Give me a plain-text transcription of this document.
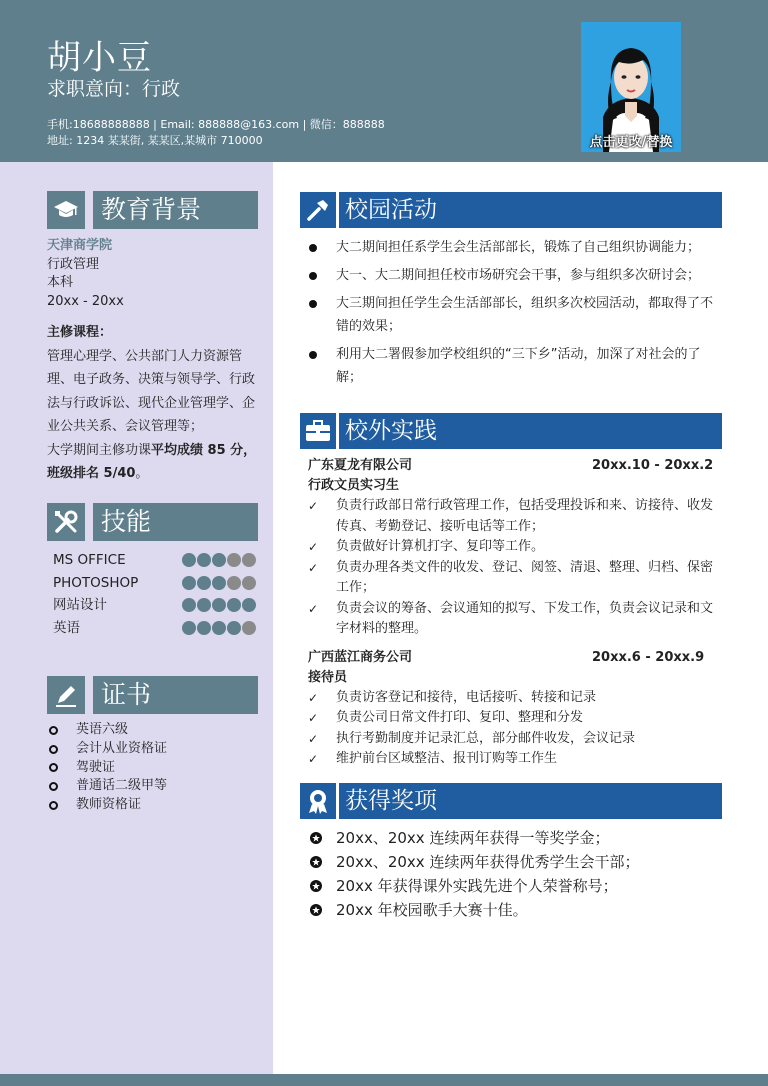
胡小豆
求职意向：行政
手机:18688888888 | Email: 888888@163.com | 微信：888888
地址: 1234 某某街, 某某区,某城市 710000	点击更改/替换
教育背景
天津商学院
行政管理
本科
20xx - 20xx
主修课程：
管理心理学、公共部门人力资源管理、电子政务、决策与领导学、行政法与行政诉讼、现代企业管理学、企业公共关系、会议管理等；
大学期间主修功课平均成绩 85 分，班级排名 5/40。
技能
MS OFFICE
PHOTOSHOP
网站设计
英语
证书
英语六级
会计从业资格证
驾驶证
普通话二级甲等
教师资格证
校园活动
大二期间担任系学生会生活部部长，锻炼了自己组织协调能力；
大一、大二期间担任校市场研究会干事，参与组织多次研讨会；
大三期间担任学生会生活部部长，组织多次校园活动，都取得了不错的效果；
利用大二署假参加学校组织的“三下乡”活动，加深了对社会的了解；
校外实践
广东夏龙有限公司	20xx.10 - 20xx.2
行政文员实习生
✓ 负责行政部日常行政管理工作，包括受理投诉和来、访接待、收发传真、考勤登记、接听电话等工作；
✓ 负责做好计算机打字、复印等工作。
✓ 负责办理各类文件的收发、登记、阅签、清退、整理、归档、保密工作；
✓ 负责会议的筹备、会议通知的拟写、下发工作，负责会议记录和文字材料的整理。
广西蓝江商务公司	20xx.6 - 20xx.9
接待员
✓ 负责访客登记和接待，电话接听、转接和记录
✓ 负责公司日常文件打印、复印、整理和分发
✓ 执行考勤制度并记录汇总，部分邮件收发，会议记录
✓ 维护前台区域整洁、报刊订购等工作生
获得奖项
20xx、20xx 连续两年获得一等奖学金；
20xx、20xx 连续两年获得优秀学生会干部；
20xx 年获得课外实践先进个人荣誉称号；
20xx 年校园歌手大赛十佳。
